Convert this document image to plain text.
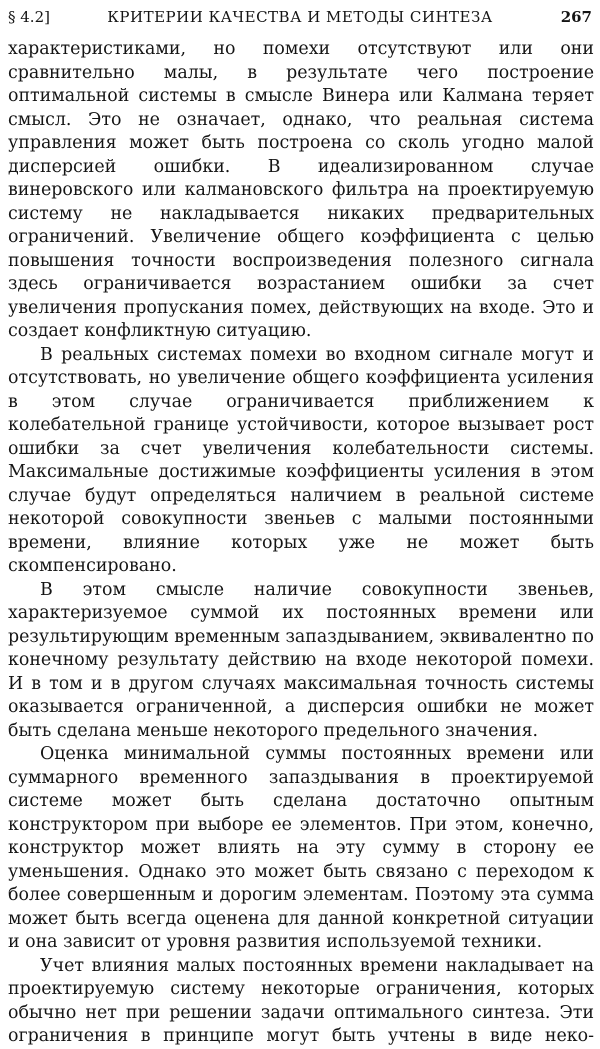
§ 4.2]	КРИТЕРИИ КАЧЕСТВА И МЕТОДЫ СИНТЕЗА	267

характеристиками, но помехи отсутствуют или они сравнительно малы, в результате чего построение оптимальной системы в смысле Винера или Калмана теряет смысл. Это не означает, однако, что реальная система управления может быть построена со сколь угодно малой дисперсией ошибки. В идеализированном случае винеровского или калмановского фильтра на проектируемую систему не накладывается никаких предварительных ограничений. Увеличение общего коэффициента с целью повышения точности воспроизведения полезного сигнала здесь ограничивается возрастанием ошибки за счет увеличения пропускания помех, действующих на входе. Это и создает конфликтную ситуацию.

В реальных системах помехи во входном сигнале могут и отсутствовать, но увеличение общего коэффициента усиления в этом случае ограничивается приближением к колебательной границе устойчивости, которое вызывает рост ошибки за счет увеличения колебательности системы. Максимальные достижимые коэффициенты усиления в этом случае будут определяться наличием в реальной системе некоторой совокупности звеньев с малыми постоянными времени, влияние которых уже не может быть скомпенсировано.

В этом смысле наличие совокупности звеньев, характеризуемое суммой их постоянных времени или результирующим временным запаздыванием, эквивалентно по конечному результату действию на входе некоторой помехи. И в том и в другом случаях максимальная точность системы оказывается ограниченной, а дисперсия ошибки не может быть сделана меньше некоторого предельного значения.

Оценка минимальной суммы постоянных времени или суммарного временного запаздывания в проектируемой системе может быть сделана достаточно опытным конструктором при выборе ее элементов. При этом, конечно, конструктор может влиять на эту сумму в сторону ее уменьшения. Однако это может быть связано с переходом к более совершенным и дорогим элементам. Поэтому эта сумма может быть всегда оценена для данной конкретной ситуации и она зависит от уровня развития используемой техники.

Учет влияния малых постоянных времени накладывает на проектируемую систему некоторые ограничения, которых обычно нет при решении задачи оптимального синтеза. Эти ограничения в принципе могут быть учтены в виде неко-
